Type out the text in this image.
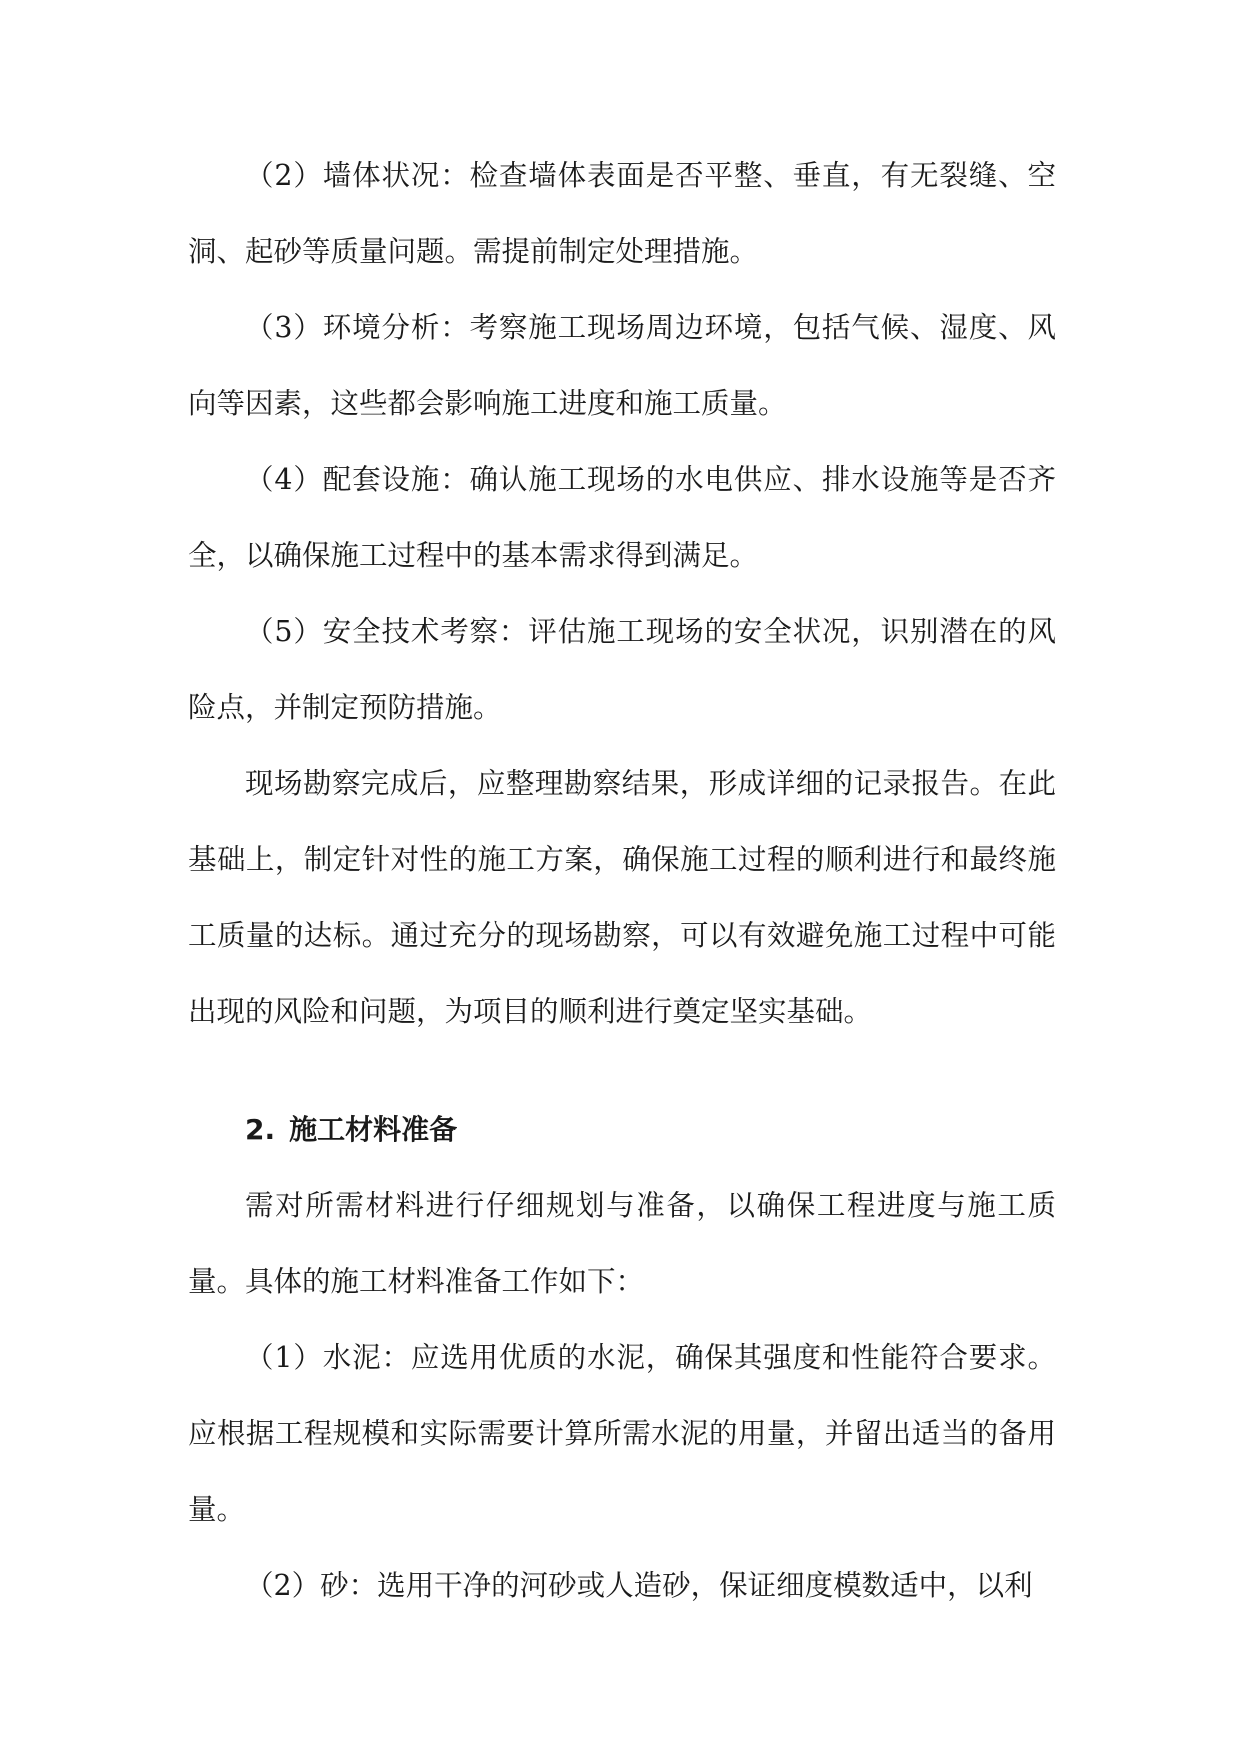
（2）墙体状况：检查墙体表面是否平整、垂直，有无裂缝、空洞、起砂等质量问题。需提前制定处理措施。

（3）环境分析：考察施工现场周边环境，包括气候、湿度、风向等因素，这些都会影响施工进度和施工质量。

（4）配套设施：确认施工现场的水电供应、排水设施等是否齐全，以确保施工过程中的基本需求得到满足。

（5）安全技术考察：评估施工现场的安全状况，识别潜在的风险点，并制定预防措施。

现场勘察完成后，应整理勘察结果，形成详细的记录报告。在此基础上，制定针对性的施工方案，确保施工过程的顺利进行和最终施工质量的达标。通过充分的现场勘察，可以有效避免施工过程中可能出现的风险和问题，为项目的顺利进行奠定坚实基础。

2. 施工材料准备

需对所需材料进行仔细规划与准备，以确保工程进度与施工质量。具体的施工材料准备工作如下：

（1）水泥：应选用优质的水泥，确保其强度和性能符合要求。应根据工程规模和实际需要计算所需水泥的用量，并留出适当的备用量。

（2）砂：选用干净的河砂或人造砂，保证细度模数适中，以利
